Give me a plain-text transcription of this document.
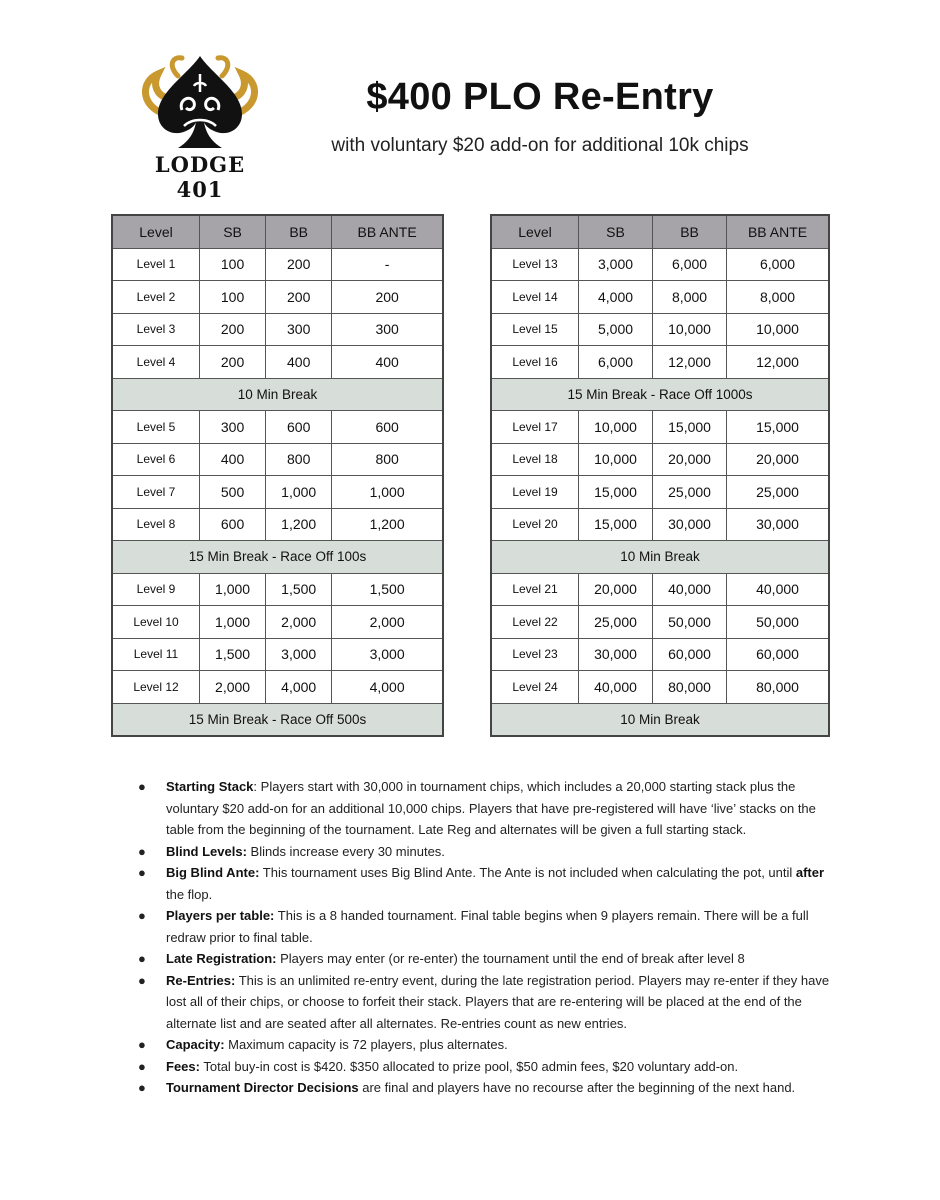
LODGE 401
$400 PLO Re-Entry
with voluntary $20 add-on for additional 10k chips
Level	SB	BB	BB ANTE
Level 1	100	200	-
Level 2	100	200	200
Level 3	200	300	300
Level 4	200	400	400
10 Min Break			
Level 5	300	600	600
Level 6	400	800	800
Level 7	500	1,000	1,000
Level 8	600	1,200	1,200
15 Min Break - Race Off 100s			
Level 9	1,000	1,500	1,500
Level 10	1,000	2,000	2,000
Level 11	1,500	3,000	3,000
Level 12	2,000	4,000	4,000
15 Min Break - Race Off 500s			
Level	SB	BB	BB ANTE
Level 13	3,000	6,000	6,000
Level 14	4,000	8,000	8,000
Level 15	5,000	10,000	10,000
Level 16	6,000	12,000	12,000
15 Min Break - Race Off 1000s			
Level 17	10,000	15,000	15,000
Level 18	10,000	20,000	20,000
Level 19	15,000	25,000	25,000
Level 20	15,000	30,000	30,000
10 Min Break			
Level 21	20,000	40,000	40,000
Level 22	25,000	50,000	50,000
Level 23	30,000	60,000	60,000
Level 24	40,000	80,000	80,000
10 Min Break			
● Starting Stack: Players start with 30,000 in tournament chips, which includes a 20,000 starting stack plus the voluntary $20 add-on for an additional 10,000 chips. Players that have pre-registered will have ‘live’ stacks on the table from the beginning of the tournament. Late Reg and alternates will be given a full starting stack.
● Blind Levels: Blinds increase every 30 minutes.
● Big Blind Ante: This tournament uses Big Blind Ante. The Ante is not included when calculating the pot, until after the flop.
● Players per table: This is a 8 handed tournament. Final table begins when 9 players remain. There will be a full redraw prior to final table.
● Late Registration: Players may enter (or re-enter) the tournament until the end of break after level 8
● Re-Entries: This is an unlimited re-entry event, during the late registration period. Players may re-enter if they have lost all of their chips, or choose to forfeit their stack. Players that are re-entering will be placed at the end of the alternate list and are seated after all alternates. Re-entries count as new entries.
● Capacity: Maximum capacity is 72 players, plus alternates.
● Fees: Total buy-in cost is $420. $350 allocated to prize pool, $50 admin fees, $20 voluntary add-on.
● Tournament Director Decisions are final and players have no recourse after the beginning of the next hand.
